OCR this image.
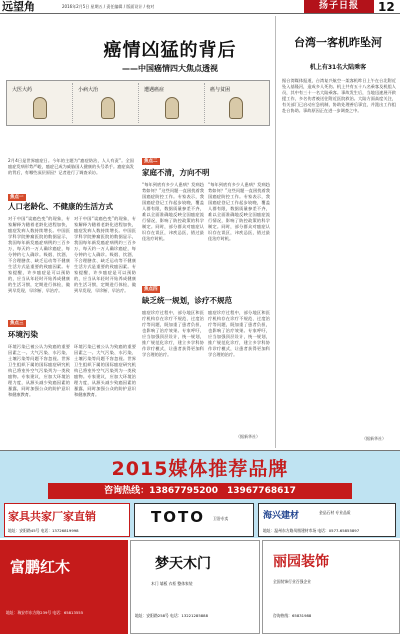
远望角	2016年2月5日 星期五 / 责任编辑 / 版面设计 / 校对	扬子日报	12
癌情凶猛的背后
——中国癌情四大焦点透视
大医大药	小病大治	遭遇癌症	癌与贫困
2月4日是世界癌症日。今年的主题为“癌症防治，人人有责”。全国癌症发病形势严峻，癌症已成为威胁国人健康的头号杀手。癌症高发的背后，有哪些深层原因？记者进行了调查采访。
焦点一
人口老龄化、不健康的生活方式
对于中国“谈癌色变”的现象，专家解释为随着老龄化进程加快，癌症发病人数持续增长。中国医学科学院肿瘤医院的数据显示，我国每年新发癌症病例约三百多万，每天约一万人确诊癌症，每分钟约七人确诊。吸烟、饮酒、不合理膳食、缺乏运动等不健康生活方式是重要的致癌因素。专家提醒，许多癌症是可以预防的，应当从年轻时开始养成健康的生活习惯，定期进行体检，做到早发现、早诊断、早治疗。
对于中国“谈癌色变”的现象，专家解释为随着老龄化进程加快，癌症发病人数持续增长。中国医学科学院肿瘤医院的数据显示，我国每年新发癌症病例约三百多万，每天约一万人确诊癌症，每分钟约七人确诊。吸烟、饮酒、不合理膳食、缺乏运动等不健康生活方式是重要的致癌因素。专家提醒，许多癌症是可以预防的，应当从年轻时开始养成健康的生活习惯，定期进行体检，做到早发现、早诊断、早治疗。
焦点三
环境污染
环境污染已被公认为致癌的重要因素之一。大气污染、水污染、土壤污染等问题不容忽视。世界卫生组织下属的国际癌症研究机构已将室外空气污染列为一类致癌物。专家建议，应加大环境治理力度，从源头减少致癌因素的暴露，同时加强公众的防护意识和健康教育。
环境污染已被公认为致癌的重要因素之一。大气污染、水污染、土壤污染等问题不容忽视。世界卫生组织下属的国际癌症研究机构已将室外空气污染列为一类致癌物。专家建议，应加大环境治理力度，从源头减少致癌因素的暴露，同时加强公众的防护意识和健康教育。
焦点二
家庭不清，方向不明
“每年到底有多少人患病？发病趋势如何？”这些问题一直困扰着我国癌症防控工作。专家表示，我国癌症登记工作起步较晚，覆盖人群有限，数据质量参差不齐，难以全面准确地反映全国癌症流行情况，影响了防控政策的科学制定。同时，部分群众对癌症认识存在误区，讳疾忌医，错过最佳治疗时机。
“每年到底有多少人患病？发病趋势如何？”这些问题一直困扰着我国癌症防控工作。专家表示，我国癌症登记工作起步较晚，覆盖人群有限，数据质量参差不齐，难以全面准确地反映全国癌症流行情况，影响了防控政策的科学制定。同时，部分群众对癌症认识存在误区，讳疾忌医，错过最佳治疗时机。
焦点四
缺乏统一规划，诊疗不规范
癌症诊疗过程中，部分地区和医疗机构存在诊疗不规范、过度治疗等问题，既加重了患者负担，也影响了治疗效果。专家呼吁，应当加强顶层设计，统一规划，推广规范化诊疗，建立多学科协作诊疗模式，让患者获得更加科学合理的治疗。
癌症诊疗过程中，部分地区和医疗机构存在诊疗不规范、过度治疗等问题，既加重了患者负担，也影响了治疗效果。专家呼吁，应当加强顶层设计，统一规划，推广规范化诊疗，建立多学科协作诊疗模式，让患者获得更加科学合理的治疗。
（据新华社）
台湾一客机昨坠河
机上有31名大陆乘客
据台湾媒体报道，台湾复兴航空一架客机昨日上午在台北附近坠入基隆河，造成多人死伤。机上共有五十八名乘客及机组人员，其中有三十一名大陆乘客。事故发生后，当地迅速展开救援工作，多名伤者被送往附近医院救治。大陆方面高度关注，有关部门已启动应急机制，协助处理善后事宜，并派出工作组赴台协助。事故原因正在进一步调查之中。
（据新华社）
2015媒体推荐品牌
咨询热线：13867795200　13967768617
家具共家厂家直销
地址：安阳路45号 电话：13726819998
TOTO 卫浴专卖	海兴建材	金品石材 专业品质
地址：温州东方路凤凰建材市场 电话：0577-65855897
富鹏红木
地址：瑞安市东方路239号 电话：65813555
梦天木门
木门 墙板 衣柜 整体家装
地址：安阳路258号 电话：13221285888
丽园装饰
全国装饰行业百强企业
咨询热线：65831988
